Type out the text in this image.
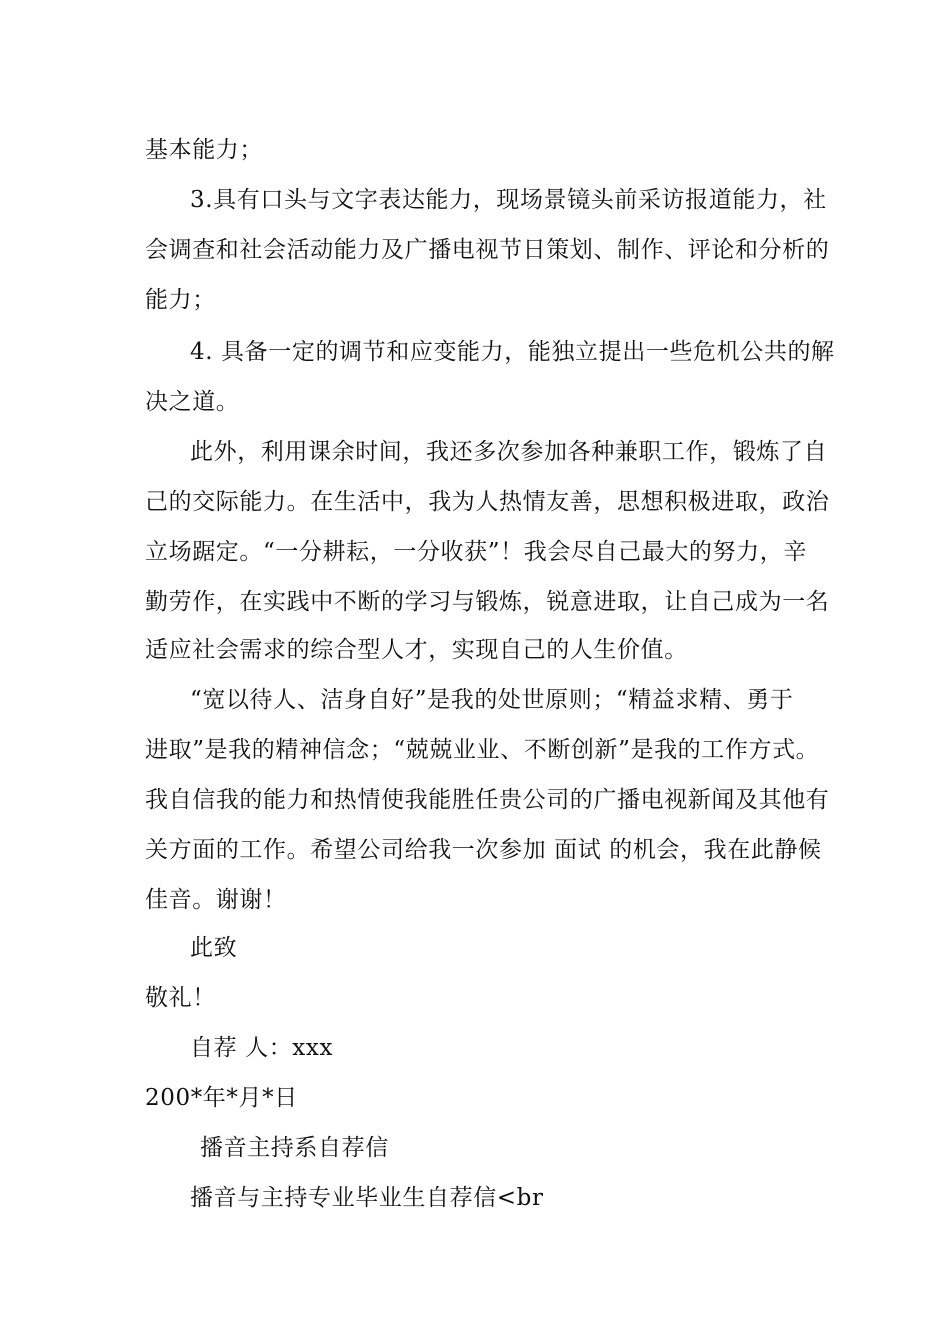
基本能力；
3.具有口头与文字表达能力，现场景镜头前采访报道能力，社
会调查和社会活动能力及广播电视节日策划、制作、评论和分析的
能力；
4. 具备一定的调节和应变能力，能独立提出一些危机公共的解
决之道。
此外，利用课余时间，我还多次参加各种兼职工作，锻炼了自
己的交际能力。在生活中，我为人热情友善，思想积极进取，政治
立场踞定。“一分耕耘，一分收获”！我会尽自己最大的努力，辛
勤劳作，在实践中不断的学习与锻炼，锐意进取，让自己成为一名
适应社会需求的综合型人才，实现自己的人生价值。
“宽以待人、洁身自好”是我的处世原则；“精益求精、勇于
进取”是我的精神信念；“兢兢业业、不断创新”是我的工作方式。
我自信我的能力和热情使我能胜任贵公司的广播电视新闻及其他有
关方面的工作。希望公司给我一次参加 面试 的机会，我在此静候
佳音。谢谢！
此致
敬礼！
自荐 人：xxx
200*年*月*日
播音主持系自荐信
播音与主持专业毕业生自荐信<br
